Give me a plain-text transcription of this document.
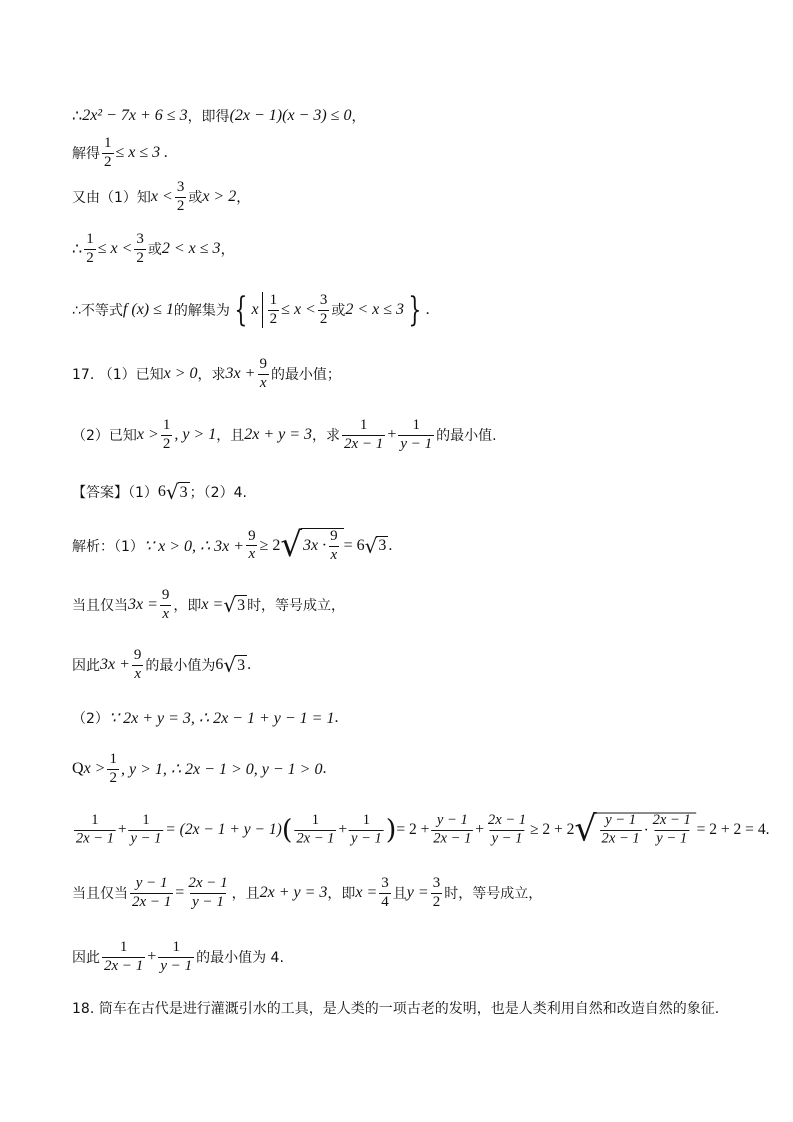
∴ 2x² − 7x + 6 ≤ 3 ，即得 (2x − 1)(x − 3) ≤ 0 ，
解得 $\frac{1}{2} \le x \le 3$ .
又由（1）知 $x < \frac{3}{2}$ 或 x > 2 ，
∴ $\frac{1}{2} \le x < \frac{3}{2}$ 或 2 < x ≤ 3 ，
∴不等式 f (x) ≤ 1 的解集为 { x $\frac{1}{2} \le x < \frac{3}{2}$ 或 2 < x ≤ 3 } .
17. （1）已知 x > 0 ，求 $3x + \frac{9}{x}$ 的最小值；
（2）已知 $x > \frac{1}{2}$ , y > 1 ，且 2x + y = 3 ，求 $\frac{1}{2x - 1} + \frac{1}{y - 1}$ 的最小值.
【答案】（1） 6 √ 3 ；（2）4.
解析：（1） ∵ x > 0, ∴ $3x + \frac{9}{x} \ge 2$ √ $3x \cdot \frac{9}{x} = 6$ √ 3 .
当且仅当 $3x = \frac{9}{x}$ ，即 x = √ 3 时，等号成立，
因此 $3x + \frac{9}{x}$ 的最小值为 6 √ 3 .
（2） ∵ 2x + y = 3, ∴ 2x − 1 + y − 1 = 1 .
Q $x > \frac{1}{2}$ , y > 1, ∴ 2x − 1 > 0, y − 1 > 0 .
$\frac{1}{2x - 1} + \frac{1}{y - 1} = (2x - 1 + y - 1)$ ( $\frac{1}{2x - 1} + \frac{1}{y - 1}$ ) = $2 + \frac{y - 1}{2x - 1} + \frac{2x - 1}{y - 1} \ge 2 + 2$ √ $\frac{y - 1}{2x - 1} \cdot \frac{2x - 1}{y - 1} = 2 + 2 = 4$.
当且仅当 $\frac{y - 1}{2x - 1} = \frac{2x - 1}{y - 1}$ ，且 2x + y = 3 ，即 $x = \frac{3}{4}$ 且 $y = \frac{3}{2}$ 时，等号成立，
因此 $\frac{1}{2x - 1} + \frac{1}{y - 1}$ 的最小值为 4.
18. 筒车在古代是进行灌溉引水的工具，是人类的一项古老的发明，也是人类利用自然和改造自然的象征.
